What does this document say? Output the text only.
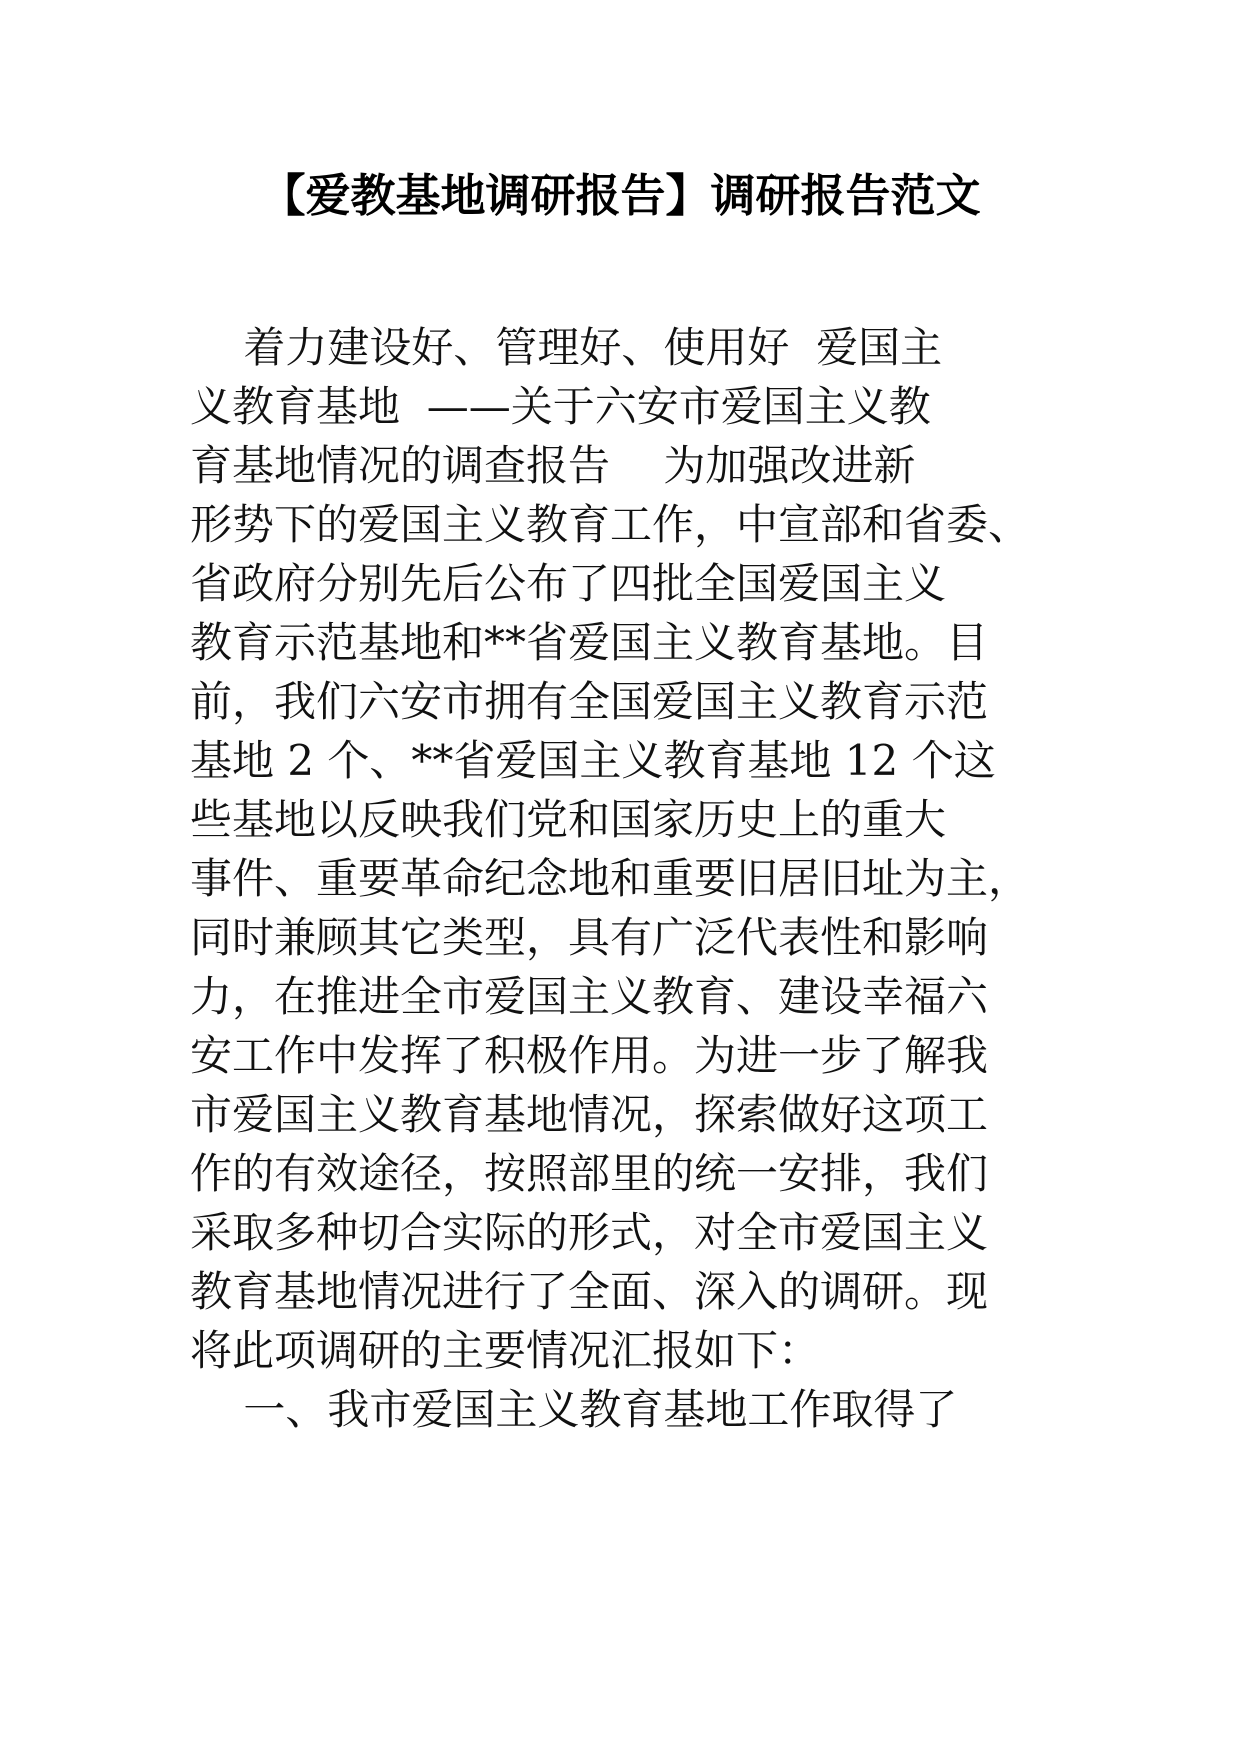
【爱教基地调研报告】调研报告范文
着力建设好、管理好、使用好  爱国主
义教育基地  ——关于六安市爱国主义教
育基地情况的调查报告    为加强改进新
形势下的爱国主义教育工作，中宣部和省委、
省政府分别先后公布了四批全国爱国主义
教育示范基地和**省爱国主义教育基地。目
前，我们六安市拥有全国爱国主义教育示范
基地 2 个、**省爱国主义教育基地 12 个这
些基地以反映我们党和国家历史上的重大
事件、重要革命纪念地和重要旧居旧址为主，
同时兼顾其它类型，具有广泛代表性和影响
力，在推进全市爱国主义教育、建设幸福六
安工作中发挥了积极作用。为进一步了解我
市爱国主义教育基地情况，探索做好这项工
作的有效途径，按照部里的统一安排，我们
采取多种切合实际的形式，对全市爱国主义
教育基地情况进行了全面、深入的调研。现
将此项调研的主要情况汇报如下：
一、我市爱国主义教育基地工作取得了
